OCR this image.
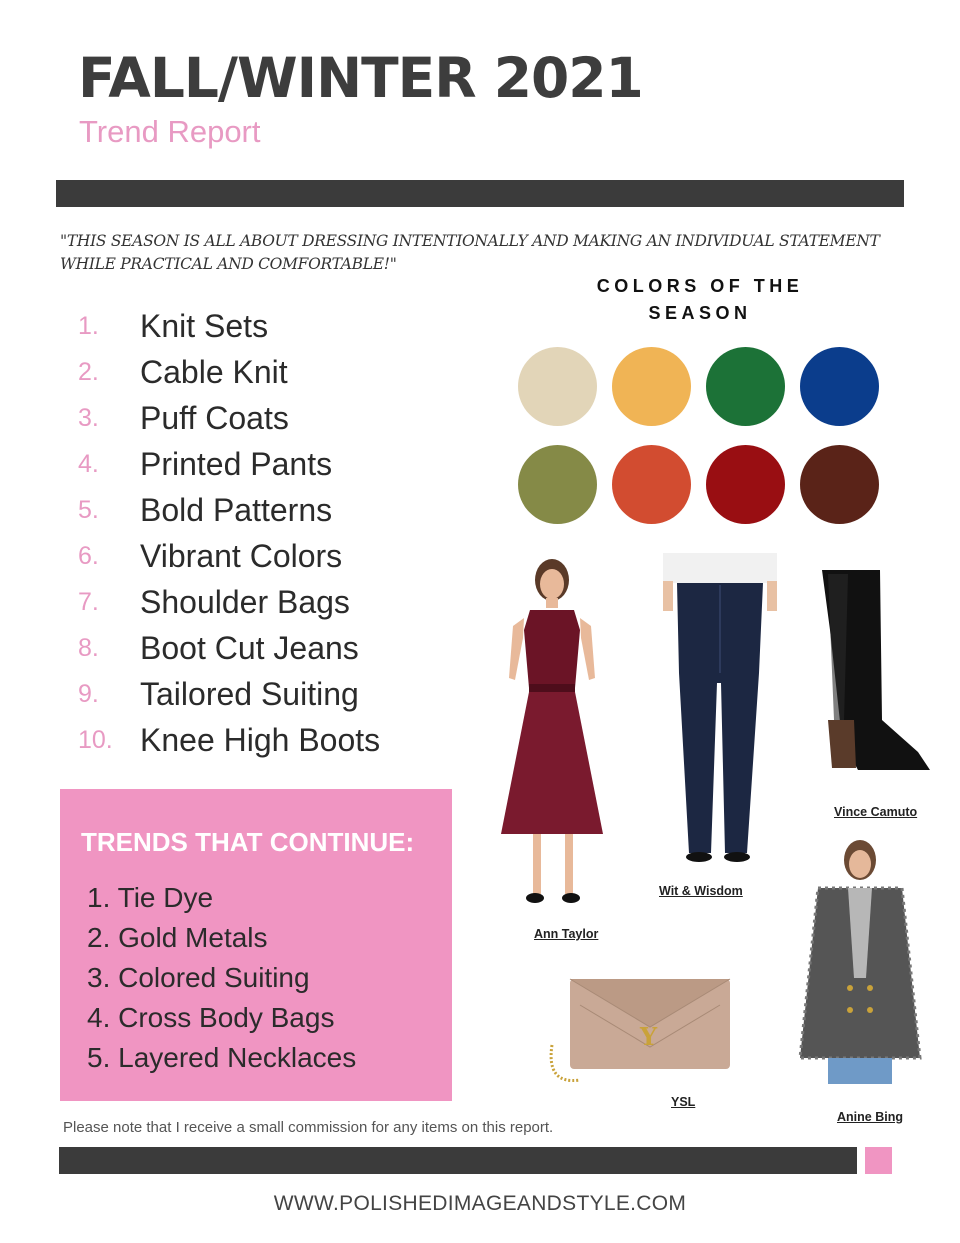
FALL/WINTER 2021
Trend Report
"THIS SEASON IS ALL ABOUT DRESSING INTENTIONALLY AND MAKING AN INDIVIDUAL STATEMENT WHILE PRACTICAL AND COMFORTABLE!"
1. Knit Sets
2. Cable Knit
3. Puff Coats
4. Printed Pants
5. Bold Patterns
6. Vibrant Colors
7. Shoulder Bags
8. Boot Cut Jeans
9. Tailored Suiting
10. Knee High Boots
COLORS OF THE SEASON
Ann Taylor
Wit & Wisdom
Vince Camuto
Anine Bing
Y
YSL
TRENDS THAT CONTINUE:
1. Tie Dye
2. Gold Metals
3. Colored Suiting
4. Cross Body Bags
5. Layered Necklaces
Please note that I receive a small commission for any items on this report.
WWW.POLISHEDIMAGEANDSTYLE.COM
